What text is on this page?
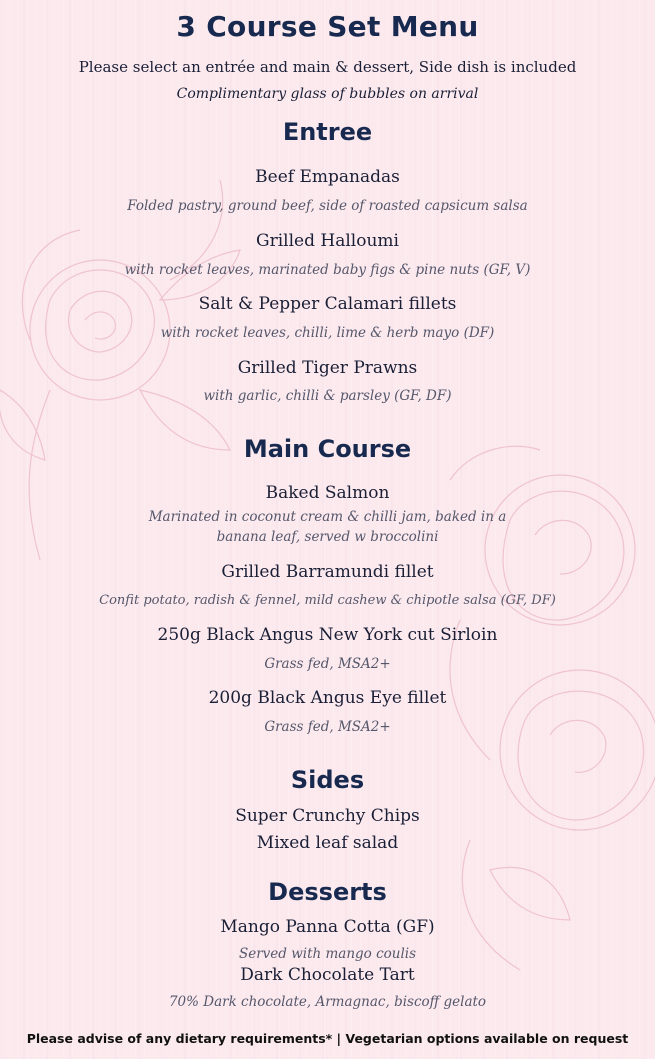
3 Course Set Menu
Please select an entrée and main & dessert, Side dish is included
Complimentary glass of bubbles on arrival
Entree
Beef Empanadas
Folded pastry, ground beef, side of roasted capsicum salsa
Grilled Halloumi
with rocket leaves, marinated baby figs & pine nuts (GF, V)
Salt & Pepper Calamari fillets
with rocket leaves, chilli, lime & herb mayo (DF)
Grilled Tiger Prawns
with garlic, chilli & parsley (GF, DF)
Main Course
Baked Salmon
Marinated in coconut cream & chilli jam, baked in a banana leaf, served w broccolini
Grilled Barramundi fillet
Confit potato, radish & fennel, mild cashew & chipotle salsa (GF, DF)
250g Black Angus New York cut Sirloin
Grass fed, MSA2+
200g Black Angus Eye fillet
Grass fed, MSA2+
Sides
Super Crunchy Chips
Mixed leaf salad
Desserts
Mango Panna Cotta (GF)
Served with mango coulis
Dark Chocolate Tart
70% Dark chocolate, Armagnac, biscoff gelato
Please advise of any dietary requirements* | Vegetarian options available on request
